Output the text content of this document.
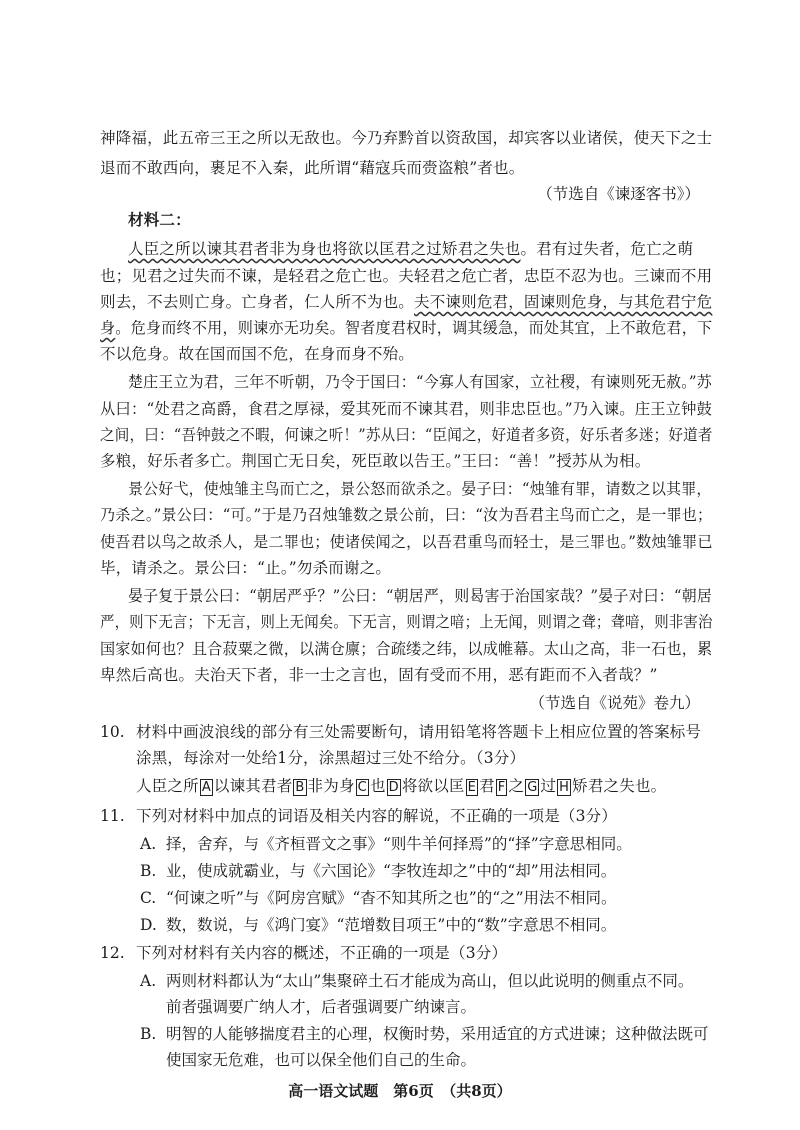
神降福，此五帝三王之所以无敌也。今乃弃黔首以资敌国，却宾客以业诸侯，使天下之士
退而不敢西向，裹足不入秦，此所谓“藉寇兵而赍盗粮”者也。
（节选自《谏逐客书》）
材料二：
人臣之所以谏其君者非为身也将欲以匡君之过矫君之失也。君有过失者，危亡之萌
也；见君之过失而不谏，是轻君之危亡也。夫轻君之危亡者，忠臣不忍为也。三谏而不用
则去，不去则亡身。亡身者，仁人所不为也。夫不谏则危君，固谏则危身，与其危君宁危
身。危身而终不用，则谏亦无功矣。智者度君权时，调其缓急，而处其宜，上不敢危君，下
不以危身。故在国而国不危，在身而身不殆。
楚庄王立为君，三年不听朝，乃令于国曰：“今寡人有国家，立社稷，有谏则死无赦。”苏
从曰：“处君之高爵，食君之厚禄，爱其死而不谏其君，则非忠臣也。”乃入谏。庄王立钟鼓
之间，曰：“吾钟鼓之不暇，何谏之听！”苏从曰：“臣闻之，好道者多资，好乐者多迷；好道者
多粮，好乐者多亡。荆国亡无日矣，死臣敢以告王。”王曰：“善！”授苏从为相。
景公好弋，使烛雏主鸟而亡之，景公怒而欲杀之。晏子曰：“烛雏有罪，请数之以其罪，
乃杀之。”景公曰：“可。”于是乃召烛雏数之景公前，曰：“汝为吾君主鸟而亡之，是一罪也；
使吾君以鸟之故杀人，是二罪也；使诸侯闻之，以吾君重鸟而轻士，是三罪也。”数烛雏罪已
毕，请杀之。景公曰：“止。”勿杀而谢之。
晏子复于景公曰：“朝居严乎？”公曰：“朝居严，则曷害于治国家哉？”晏子对曰：“朝居
严，则下无言；下无言，则上无闻矣。下无言，则谓之喑；上无闻，则谓之聋；聋喑，则非害治
国家如何也？且合菽粟之微，以满仓廪；合疏缕之纬，以成帷幕。太山之高，非一石也，累
卑然后高也。夫治天下者，非一士之言也，固有受而不用，恶有距而不入者哉？”
（节选自《说苑》卷九）
10. 材料中画波浪线的部分有三处需要断句，请用铅笔将答题卡上相应位置的答案标号
涂黑，每涂对一处给1分，涂黑超过三处不给分。（3分）
人臣之所 A 以谏其君者 B 非为身 C 也 D 将欲以匡 E 君 F 之 G 过 H 矫君之失也。
11. 下列对材料中加点的词语及相关内容的解说，不正确的一项是（3分）
A. 择，舍弃，与《齐桓晋文之事》“则牛羊何择焉”的“择”字意思相同。
B. 业，使成就霸业，与《六国论》“李牧连却之”中的“却”用法相同。
C. “何谏之听”与《阿房宫赋》“杳不知其所之也”的“之”用法不相同。
D. 数，数说，与《鸿门宴》“范增数目项王”中的“数”字意思不相同。
12. 下列对材料有关内容的概述，不正确的一项是（3分）
A. 两则材料都认为“太山”集聚碎土石才能成为高山，但以此说明的侧重点不同。
前者强调要广纳人才，后者强调要广纳谏言。
B. 明智的人能够揣度君主的心理，权衡时势，采用适宜的方式进谏；这种做法既可
使国家无危难，也可以保全他们自己的生命。
高一语文试题　第6页　（共8页）
